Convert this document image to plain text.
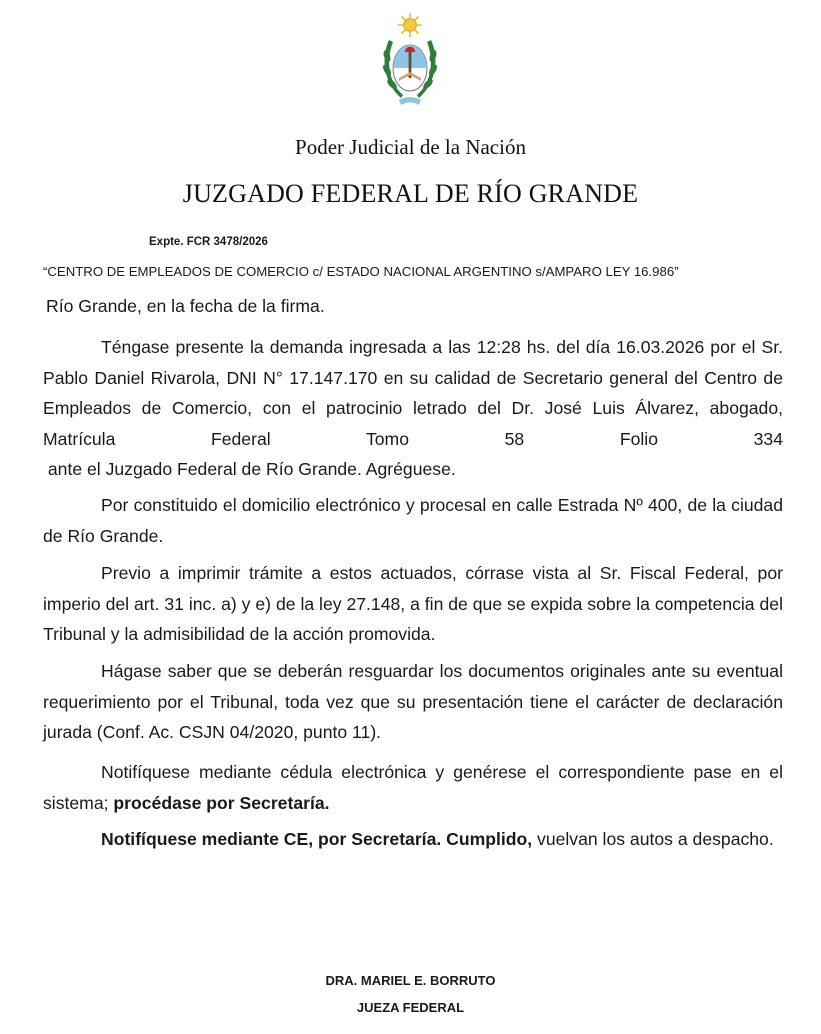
Poder Judicial de la Nación
JUZGADO FEDERAL DE RÍO GRANDE
Expte. FCR 3478/2026
“CENTRO DE EMPLEADOS DE COMERCIO c/ ESTADO NACIONAL ARGENTINO s/AMPARO LEY 16.986”
Río Grande, en la fecha de la firma.
Téngase presente la demanda ingresada a las 12:28 hs. del día 16.03.2026 por el Sr. Pablo Daniel Rivarola, DNI N° 17.147.170 en su calidad de Secretario general del Centro de Empleados de Comercio, con el patrocinio letrado del Dr. José Luis Álvarez, abogado, Matrícula Federal Tomo 58 Folio 334
ante el Juzgado Federal de Río Grande. Agréguese.
Por constituido el domicilio electrónico y procesal en calle Estrada Nº 400, de la ciudad de Río Grande.
Previo a imprimir trámite a estos actuados, córrase vista al Sr. Fiscal Federal, por imperio del art. 31 inc. a) y e) de la ley 27.148, a fin de que se expida sobre la competencia del Tribunal y la admisibilidad de la acción promovida.
Hágase saber que se deberán resguardar los documentos originales ante su eventual requerimiento por el Tribunal, toda vez que su presentación tiene el carácter de declaración jurada (Conf. Ac. CSJN 04/2020, punto 11).
Notifíquese mediante cédula electrónica y genérese el correspondiente pase en el sistema; procédase por Secretaría.
Notifíquese mediante CE, por Secretaría. Cumplido, vuelvan los autos a despacho.
DRA. MARIEL E. BORRUTO
JUEZA FEDERAL
